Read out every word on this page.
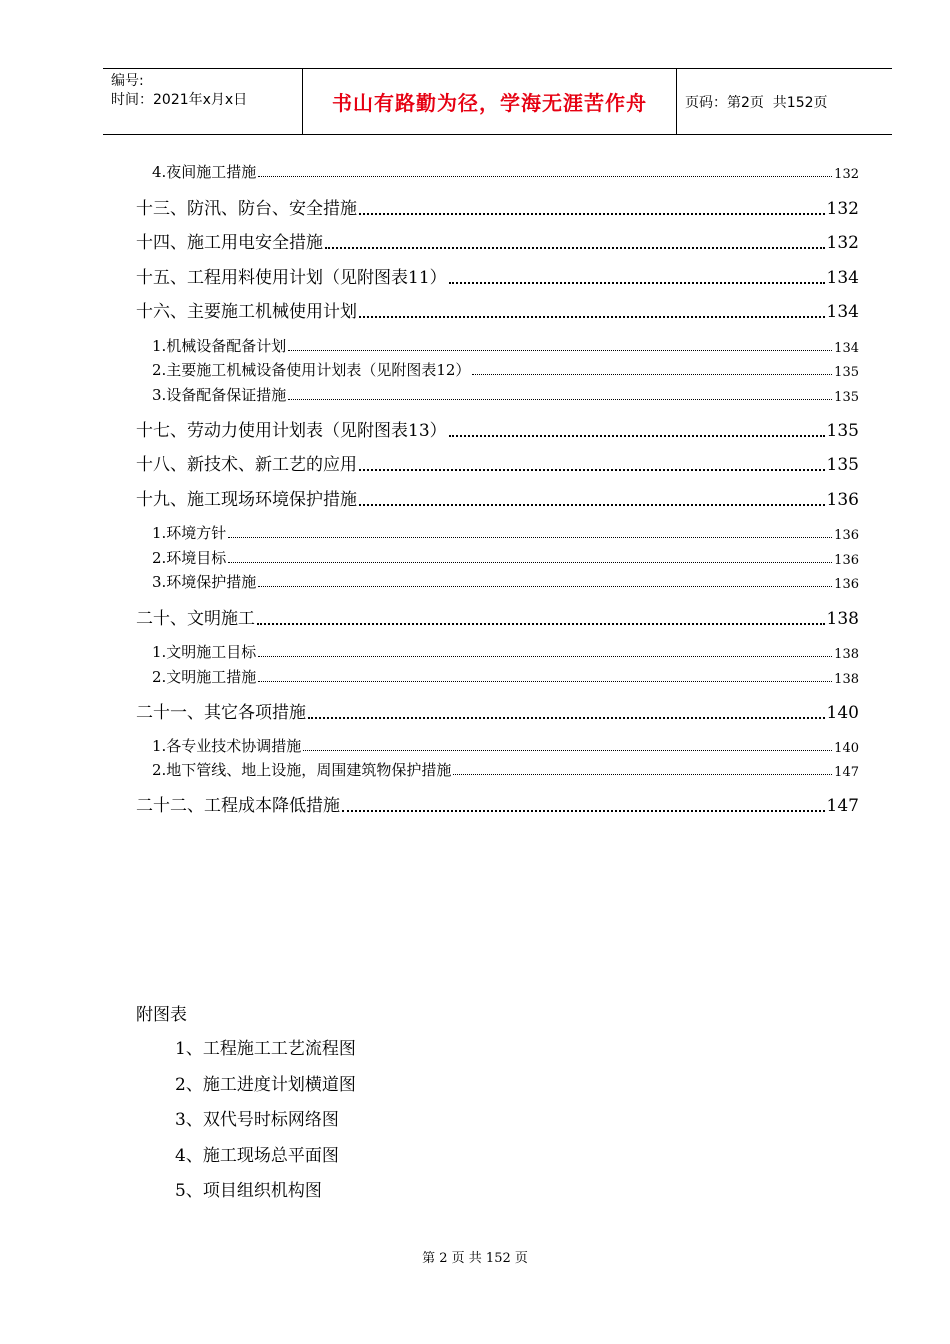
编号:
时间：2021年x月x日	书山有路勤为径，学海无涯苦作舟	页码：第2页  共152页
4.夜间施工措施	132
十三、防汛、防台、安全措施	132
十四、施工用电安全措施	132
十五、工程用料使用计划（见附图表11）	134
十六、主要施工机械使用计划	134
1.机械设备配备计划	134
2.主要施工机械设备使用计划表（见附图表12）	135
3.设备配备保证措施	135
十七、劳动力使用计划表（见附图表13）	135
十八、新技术、新工艺的应用	135
十九、施工现场环境保护措施	136
1.环境方针	136
2.环境目标	136
3.环境保护措施	136
二十、文明施工	138
1.文明施工目标	138
2.文明施工措施	138
二十一、其它各项措施	140
1.各专业技术协调措施	140
2.地下管线、地上设施，周围建筑物保护措施	147
二十二、工程成本降低措施	147
附图表
1、工程施工工艺流程图
2、施工进度计划横道图
3、双代号时标网络图
4、施工现场总平面图
5、项目组织机构图
第 2 页 共 152 页
